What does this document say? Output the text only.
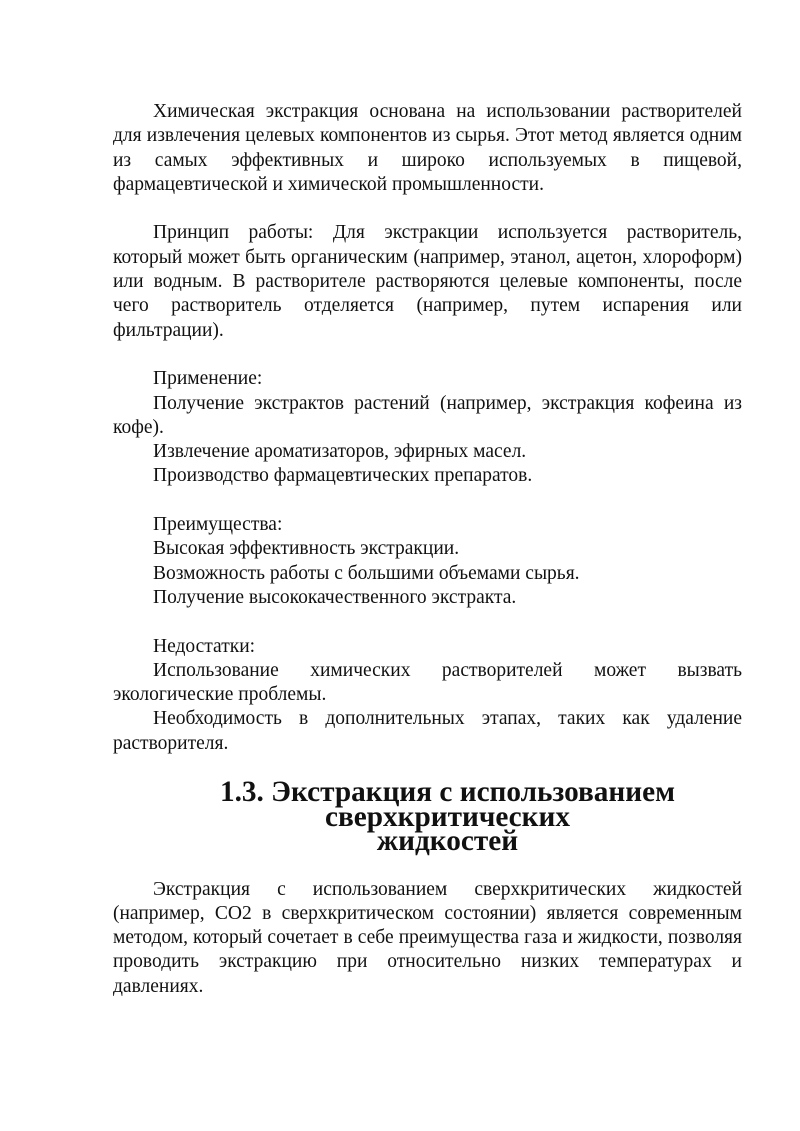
Химическая экстракция основана на использовании растворителей для извлечения целевых компонентов из сырья. Этот метод является одним из самых эффективных и широко используемых в пищевой, фармацевтической и химической промышленности.

Принцип работы: Для экстракции используется растворитель, который может быть органическим (например, этанол, ацетон, хлороформ) или водным. В растворителе растворяются целевые компоненты, после чего растворитель отделяется (например, путем испарения или фильтрации).

Применение:

Получение экстрактов растений (например, экстракция кофеина из кофе).

Извлечение ароматизаторов, эфирных масел.

Производство фармацевтических препаратов.

Преимущества:

Высокая эффективность экстракции.

Возможность работы с большими объемами сырья.

Получение высококачественного экстракта.

Недостатки:

Использование химических растворителей может вызвать экологические проблемы.

Необходимость в дополнительных этапах, таких как удаление растворителя.

1.3. Экстракция с использованием сверхкритических
жидкостей

Экстракция с использованием сверхкритических жидкостей (например, CO2 в сверхкритическом состоянии) является современным методом, который сочетает в себе преимущества газа и жидкости, позволяя проводить экстракцию при относительно низких температурах и давлениях.
